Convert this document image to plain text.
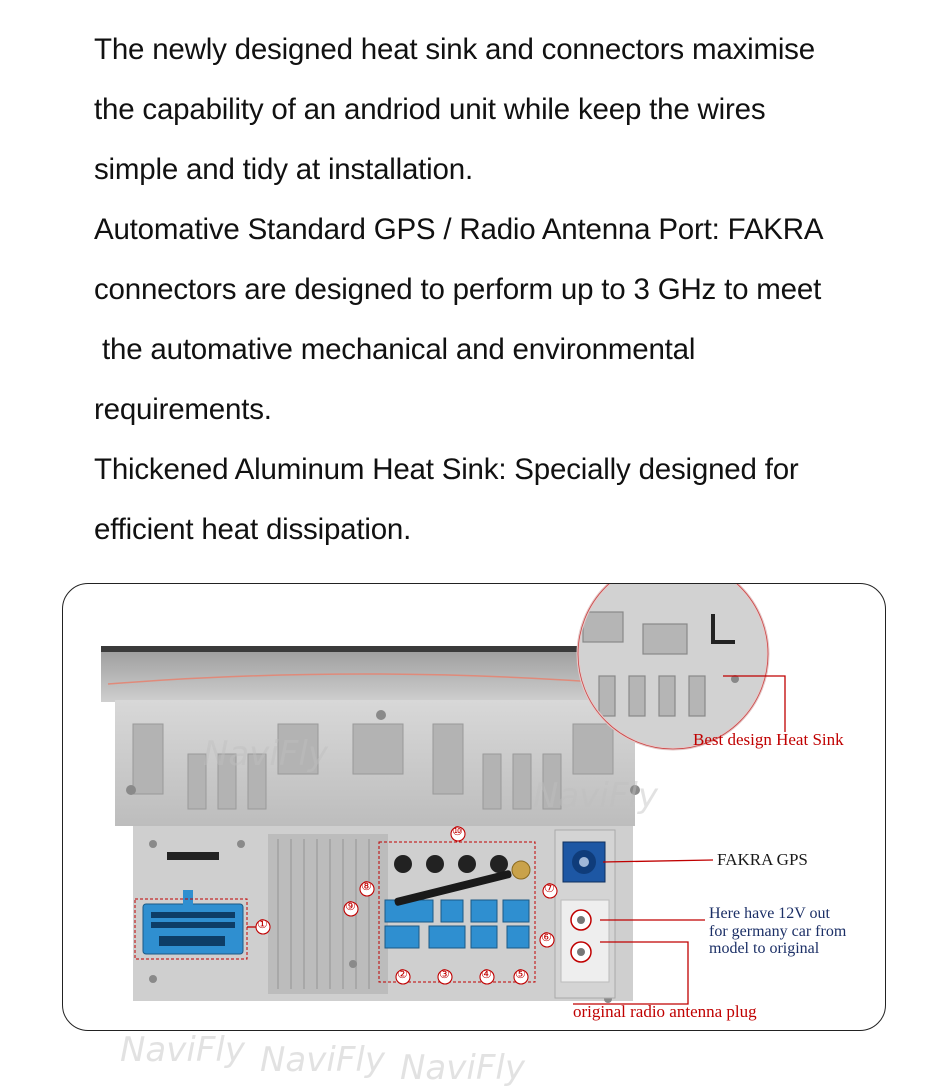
The newly designed heat sink and connectors maximise

the capability of an andriod unit while keep the wires

simple and tidy at installation.

Automative Standard GPS / Radio Antenna Port: FAKRA

connectors are designed to perform up to 3 GHz to meet

the automative mechanical and environmental

requirements.

Thickened Aluminum Heat Sink: Specially designed for

efficient heat dissipation.

①
②	③	④ ⑤
⑥
⑦
⑧
⑨
⑩
NaviFly
NaviFly
Best design Heat Sink
FAKRA GPS
Here have 12V out
for germany car from
model to original
original radio antenna plug
NaviFly NaviFly NaviFly
